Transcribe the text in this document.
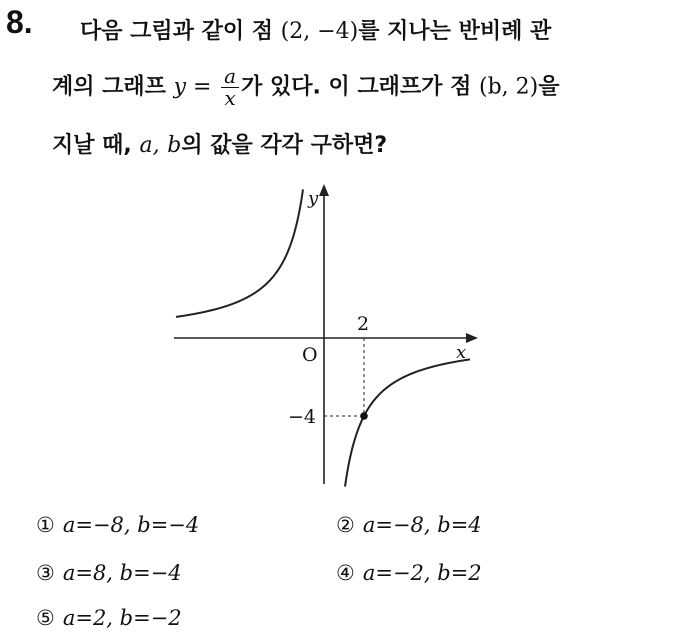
8. 다음 그림과 같이 점 (2, −4)를 지나는 반비례 관
계의 그래프 $y = \frac{a}{x}$ 가 있다. 이 그래프가 점 (b, 2)을
지날 때, a, b의 값을 각각 구하면?
y
x
O
2
−4
① a=−8, b=−4	② a=−8, b=4
③ a=8, b=−4	④ a=−2, b=2
⑤ a=2, b=−2
